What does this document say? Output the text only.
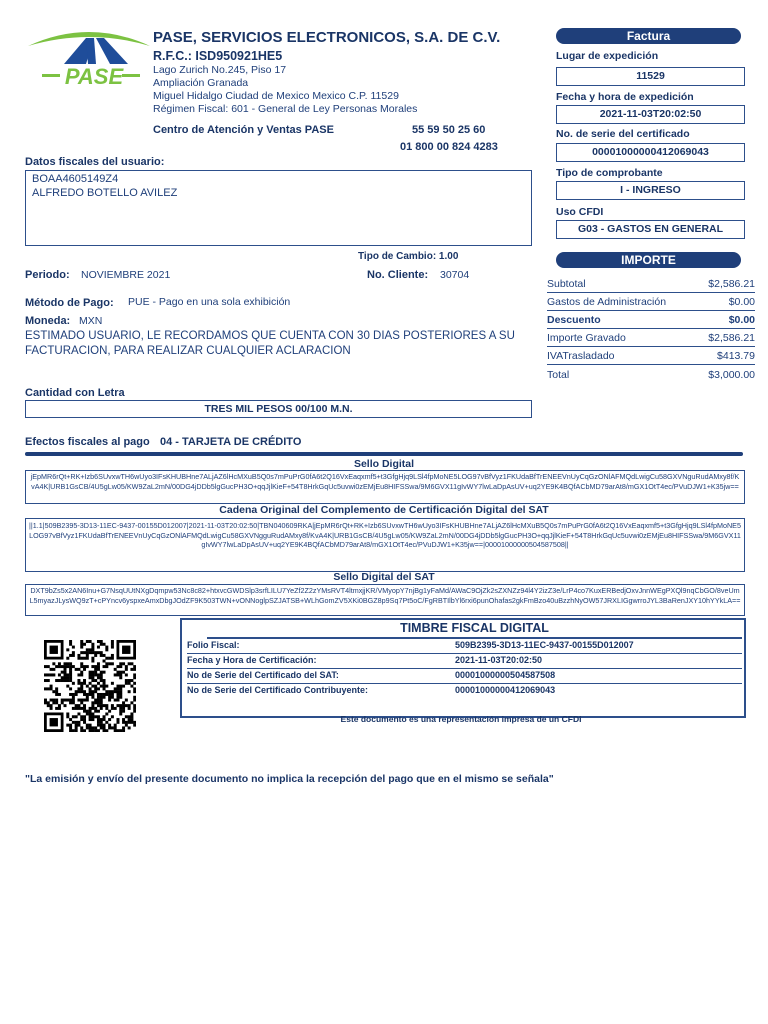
PASE
PASE, SERVICIOS ELECTRONICOS, S.A. DE C.V.
R.F.C.: ISD950921HE5
Lago Zurich No.245, Piso 17
Ampliación Granada
Miguel Hidalgo Ciudad de Mexico Mexico C.P. 11529
Régimen Fiscal: 601 - General de Ley Personas Morales
Centro de Atención y Ventas PASE	55 59 50 25 60
01 800 00 824 4283
Factura
Lugar de expedición
11529
Fecha y hora de expedición
2021-11-03T20:02:50
No. de serie del certificado
00001000000412069043
Tipo de comprobante
I - INGRESO
Uso CFDI
G03 - GASTOS EN GENERAL
Datos fiscales del usuario:
BOAA4605149Z4
ALFREDO BOTELLO AVILEZ
Tipo de Cambio: 1.00
Periodo: NOVIEMBRE 2021	No. Cliente: 30704
Método de Pago: PUE - Pago en una sola exhibición
Moneda: MXN
ESTIMADO USUARIO, LE RECORDAMOS QUE CUENTA CON 30 DIAS POSTERIORES A SU
FACTURACION, PARA REALIZAR CUALQUIER ACLARACION
IMPORTE
Subtotal	$2,586.21
Gastos de Administración	$0.00
Descuento	$0.00
Importe Gravado	$2,586.21
IVATrasladado	$413.79
Total	$3,000.00
Cantidad con Letra
TRES MIL PESOS 00/100 M.N.
Efectos fiscales al pago 04 - TARJETA DE CRÉDITO
Sello Digital
jEpMR6rQt+RK+Izb6SUvxwTH6wUyo3IFsKHUBHne7ALjAZ6lHcMXuB5Q0s7mPuPrG0fA6t2Q16VxEaqxmf5+t3GfgHjq9LSl4fpMoNE5LOG97vBfVyz1FKUdaBfTrENEEVnUyCqGzONlAFMQdLwigCu58GXVNguRudAMxy8f/KvA4K|URB1GsCB/4U5gLw05/KW9ZaL2mN/00DG4jDDb5lgGucPH3O+qqJjlKieF+54T8HrkGqUc5uvwi0zEMjEu8HIFSSwa/9M6GVX11gIvWY7lwLaDpAsUV+uq2YE9K4BQfACbMD79arAt8/mGX1OtT4ec/PVuDJW1+K35jw==
Cadena Original del Complemento de Certificación Digital del SAT
||1.1|509B2395-3D13-11EC-9437-00155D012007|2021-11-03T20:02:50|TBN040609RKA|jEpMR6rQt+RK+Izb6SUvxwTH6wUyo3IFsKHUBHne7ALjAZ6lHcMXuB5Q0s7mPuPrG0fA6t2Q16VxEaqxmf5+t3GfgHjq9LSl4fpMoNE5LOG97vBfVyz1FKUdaBfTrENEEVnUyCqGzONlAFMQdLwigCu58GXVNgguRudAMxy8f/KvA4K|URB1GsCB/4U5gLw05/KW9ZaL2mN/00DG4jDDb5lgGucPH3O+qqJjlKieF+54T8HrkGqUc5uvwi0zEMjEu8HIFSSwa/9M6GVX11gIvWY7lwLaDpAsUV+uq2YE9K4BQfACbMD79arAt8/mGX1OtT4ec/PVuDJW1+K35jw==|00001000000504587508||
Sello Digital del SAT
DXT9bZs5x2AN6Inu+G7NsqUUtNXgDqmpw53Nc8c82+htxvcGWDSlp3srfLILU7YeZf2Z2zYMsRVT4ltmxjjKR/VMyopY7njBg1yFaMd/AWaC9OjZk2sZXNZz94l4Y2izZ3e/LrP4co7KuxERBedjOxvJnnWEgPXQl9nqCbGO/8veUmL5myazJLysWQ9zT+cPYncv6yspxeAmxDbgJOdZF9K503TWN+vONNoglpSZJATSB+WLhGomZV5XKi0BGZ8p9Sq7Pt5oC/FgRBTIlbYl6rxi6punOhafas2gkFmBzo40uBzzhNyOW57JRXLIGgwrroJYL3BaRenJXY10hYYkLA==
TIMBRE FISCAL DIGITAL
Folio Fiscal:	509B2395-3D13-11EC-9437-00155D012007
Fecha y Hora de Certificación:	2021-11-03T20:02:50
No de Serie del Certificado del SAT:	00001000000504587508
No de Serie del Certificado Contribuyente:	00001000000412069043
Este documento es una representación impresa de un CFDI
"La emisión y envío del presente documento no implica la recepción del pago que en el mismo se señala"
